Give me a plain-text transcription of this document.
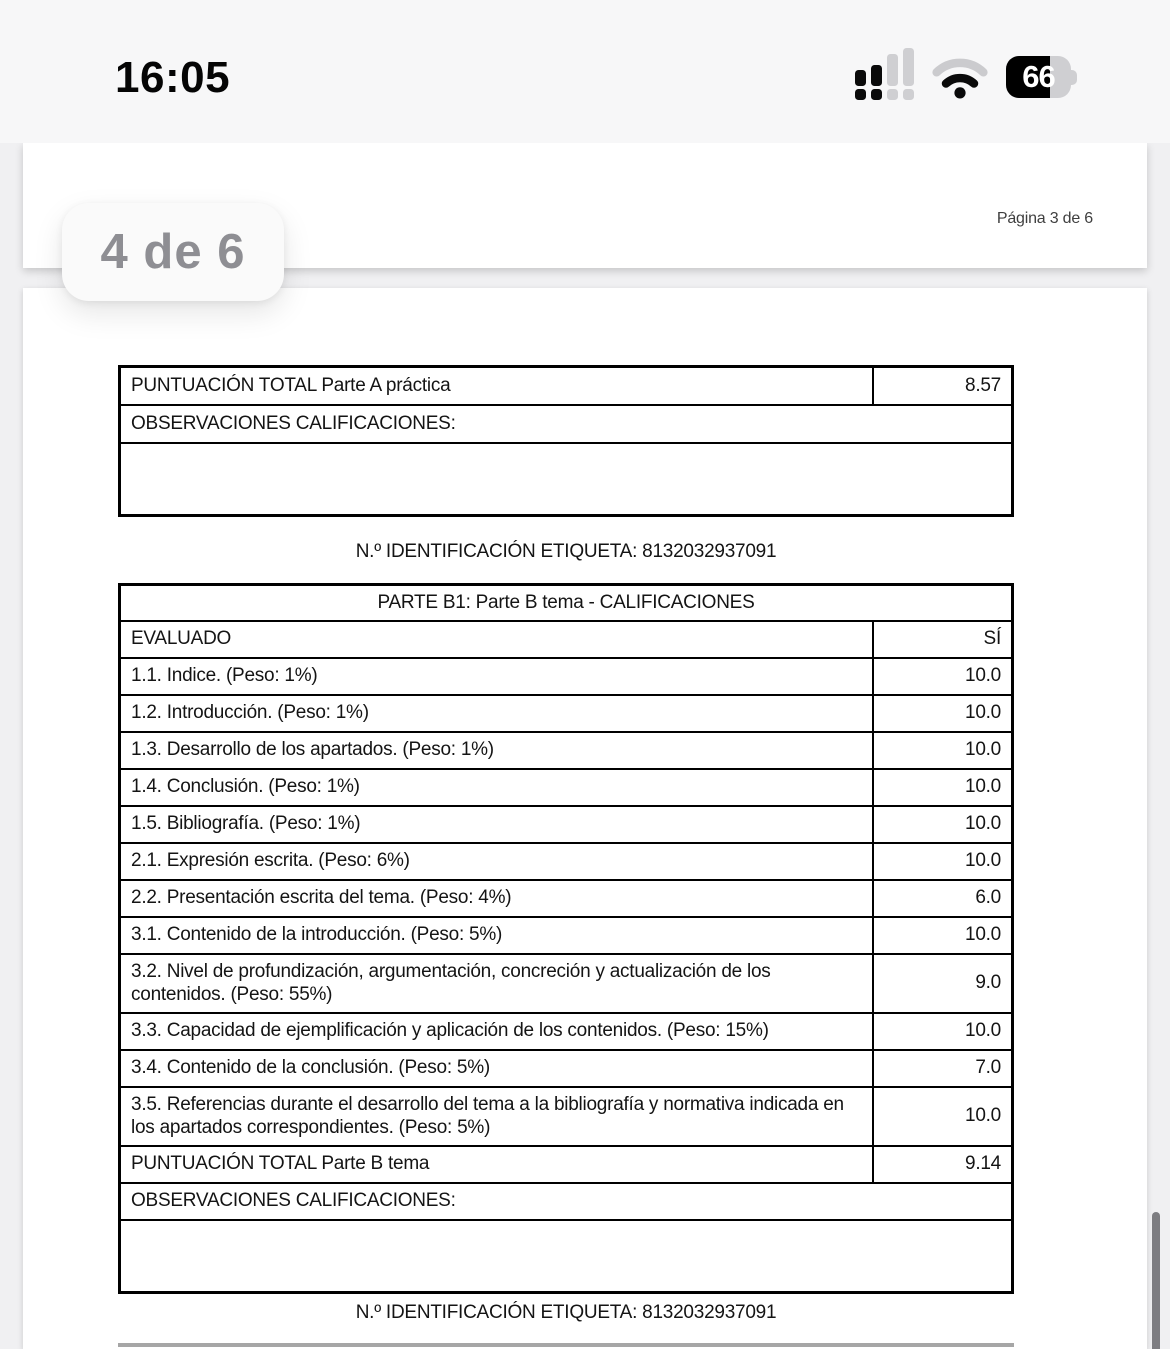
16:05	66
Página 3 de 6
PUNTUACIÓN TOTAL Parte A práctica	8.57
OBSERVACIONES CALIFICACIONES:

N.º IDENTIFICACIÓN ETIQUETA: 8132032937091
PARTE B1: Parte B tema - CALIFICACIONES	
EVALUADO	SÍ
1.1. Indice. (Peso: 1%)	10.0
1.2. Introducción. (Peso: 1%)	10.0
1.3. Desarrollo de los apartados. (Peso: 1%)	10.0
1.4. Conclusión. (Peso: 1%)	10.0
1.5. Bibliografía. (Peso: 1%)	10.0
2.1. Expresión escrita. (Peso: 6%)	10.0
2.2. Presentación escrita del tema. (Peso: 4%)	6.0
3.1. Contenido de la introducción. (Peso: 5%)	10.0
3.2. Nivel de profundización, argumentación, concreción y actualización de los contenidos. (Peso: 55%)	9.0
3.3. Capacidad de ejemplificación y aplicación de los contenidos. (Peso: 15%)	10.0
3.4. Contenido de la conclusión. (Peso: 5%)	7.0
3.5. Referencias durante el desarrollo del tema a la bibliografía y normativa indicada en los apartados correspondientes. (Peso: 5%)	10.0
PUNTUACIÓN TOTAL Parte B tema	9.14
OBSERVACIONES CALIFICACIONES:	

N.º IDENTIFICACIÓN ETIQUETA: 8132032937091
4 de 6
